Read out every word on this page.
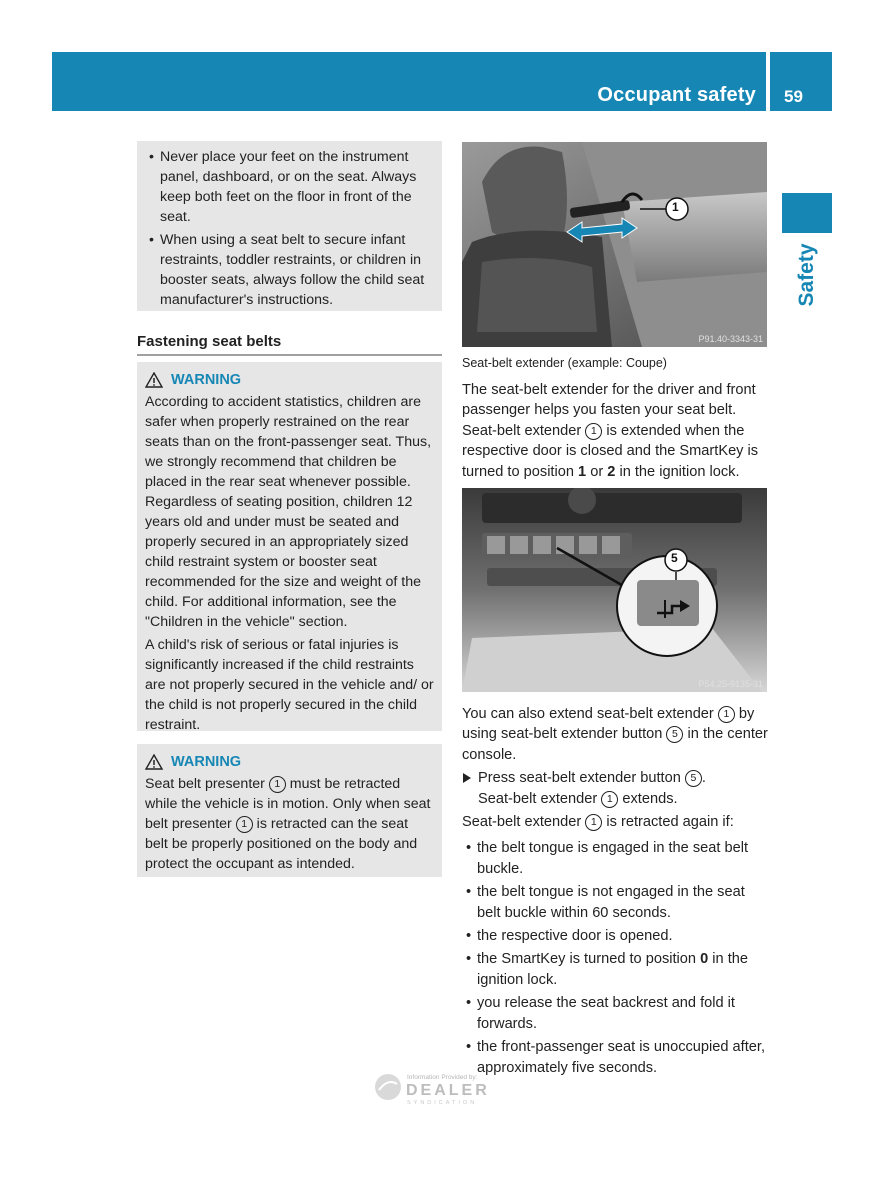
Occupant safety 59
Safety
• Never place your feet on the instrument panel, dashboard, or on the seat. Always keep both feet on the floor in front of the seat.
• When using a seat belt to secure infant restraints, toddler restraints, or children in booster seats, always follow the child seat manufacturer's instructions.
Fastening seat belts
WARNING

According to accident statistics, children are safer when properly restrained on the rear seats than on the front-passenger seat. Thus, we strongly recommend that children be placed in the rear seat whenever possible. Regardless of seating position, children 12 years old and under must be seated and properly secured in an appropriately sized child restraint system or booster seat recommended for the size and weight of the child. For additional information, see the "Children in the vehicle" section.

A child's risk of serious or fatal injuries is significantly increased if the child restraints are not properly secured in the vehicle and/ or the child is not properly secured in the child restraint.

WARNING

Seat belt presenter 1 must be retracted while the vehicle is in motion. Only when seat belt presenter 1 is retracted can the seat belt be properly positioned on the body and protect the occupant as intended.

1
P91.40-3343-31
Seat-belt extender (example: Coupe)

The seat-belt extender for the driver and front passenger helps you fasten your seat belt. Seat-belt extender 1 is extended when the respective door is closed and the SmartKey is turned to position 1 or 2 in the ignition lock.

5
P54.25-9135-31

You can also extend seat-belt extender 1 by using seat-belt extender button 5 in the center console.

Press seat-belt extender button 5 .
Seat-belt extender 1 extends.

Seat-belt extender 1 is retracted again if:

• the belt tongue is engaged in the seat belt buckle.
• the belt tongue is not engaged in the seat belt buckle within 60 seconds.
• the respective door is opened.
• the SmartKey is turned to position 0 in the ignition lock.
• you release the seat backrest and fold it forwards.
• the front-passenger seat is unoccupied after, approximately five seconds.
Information Provided by:
DEALER
SYNDICATION
